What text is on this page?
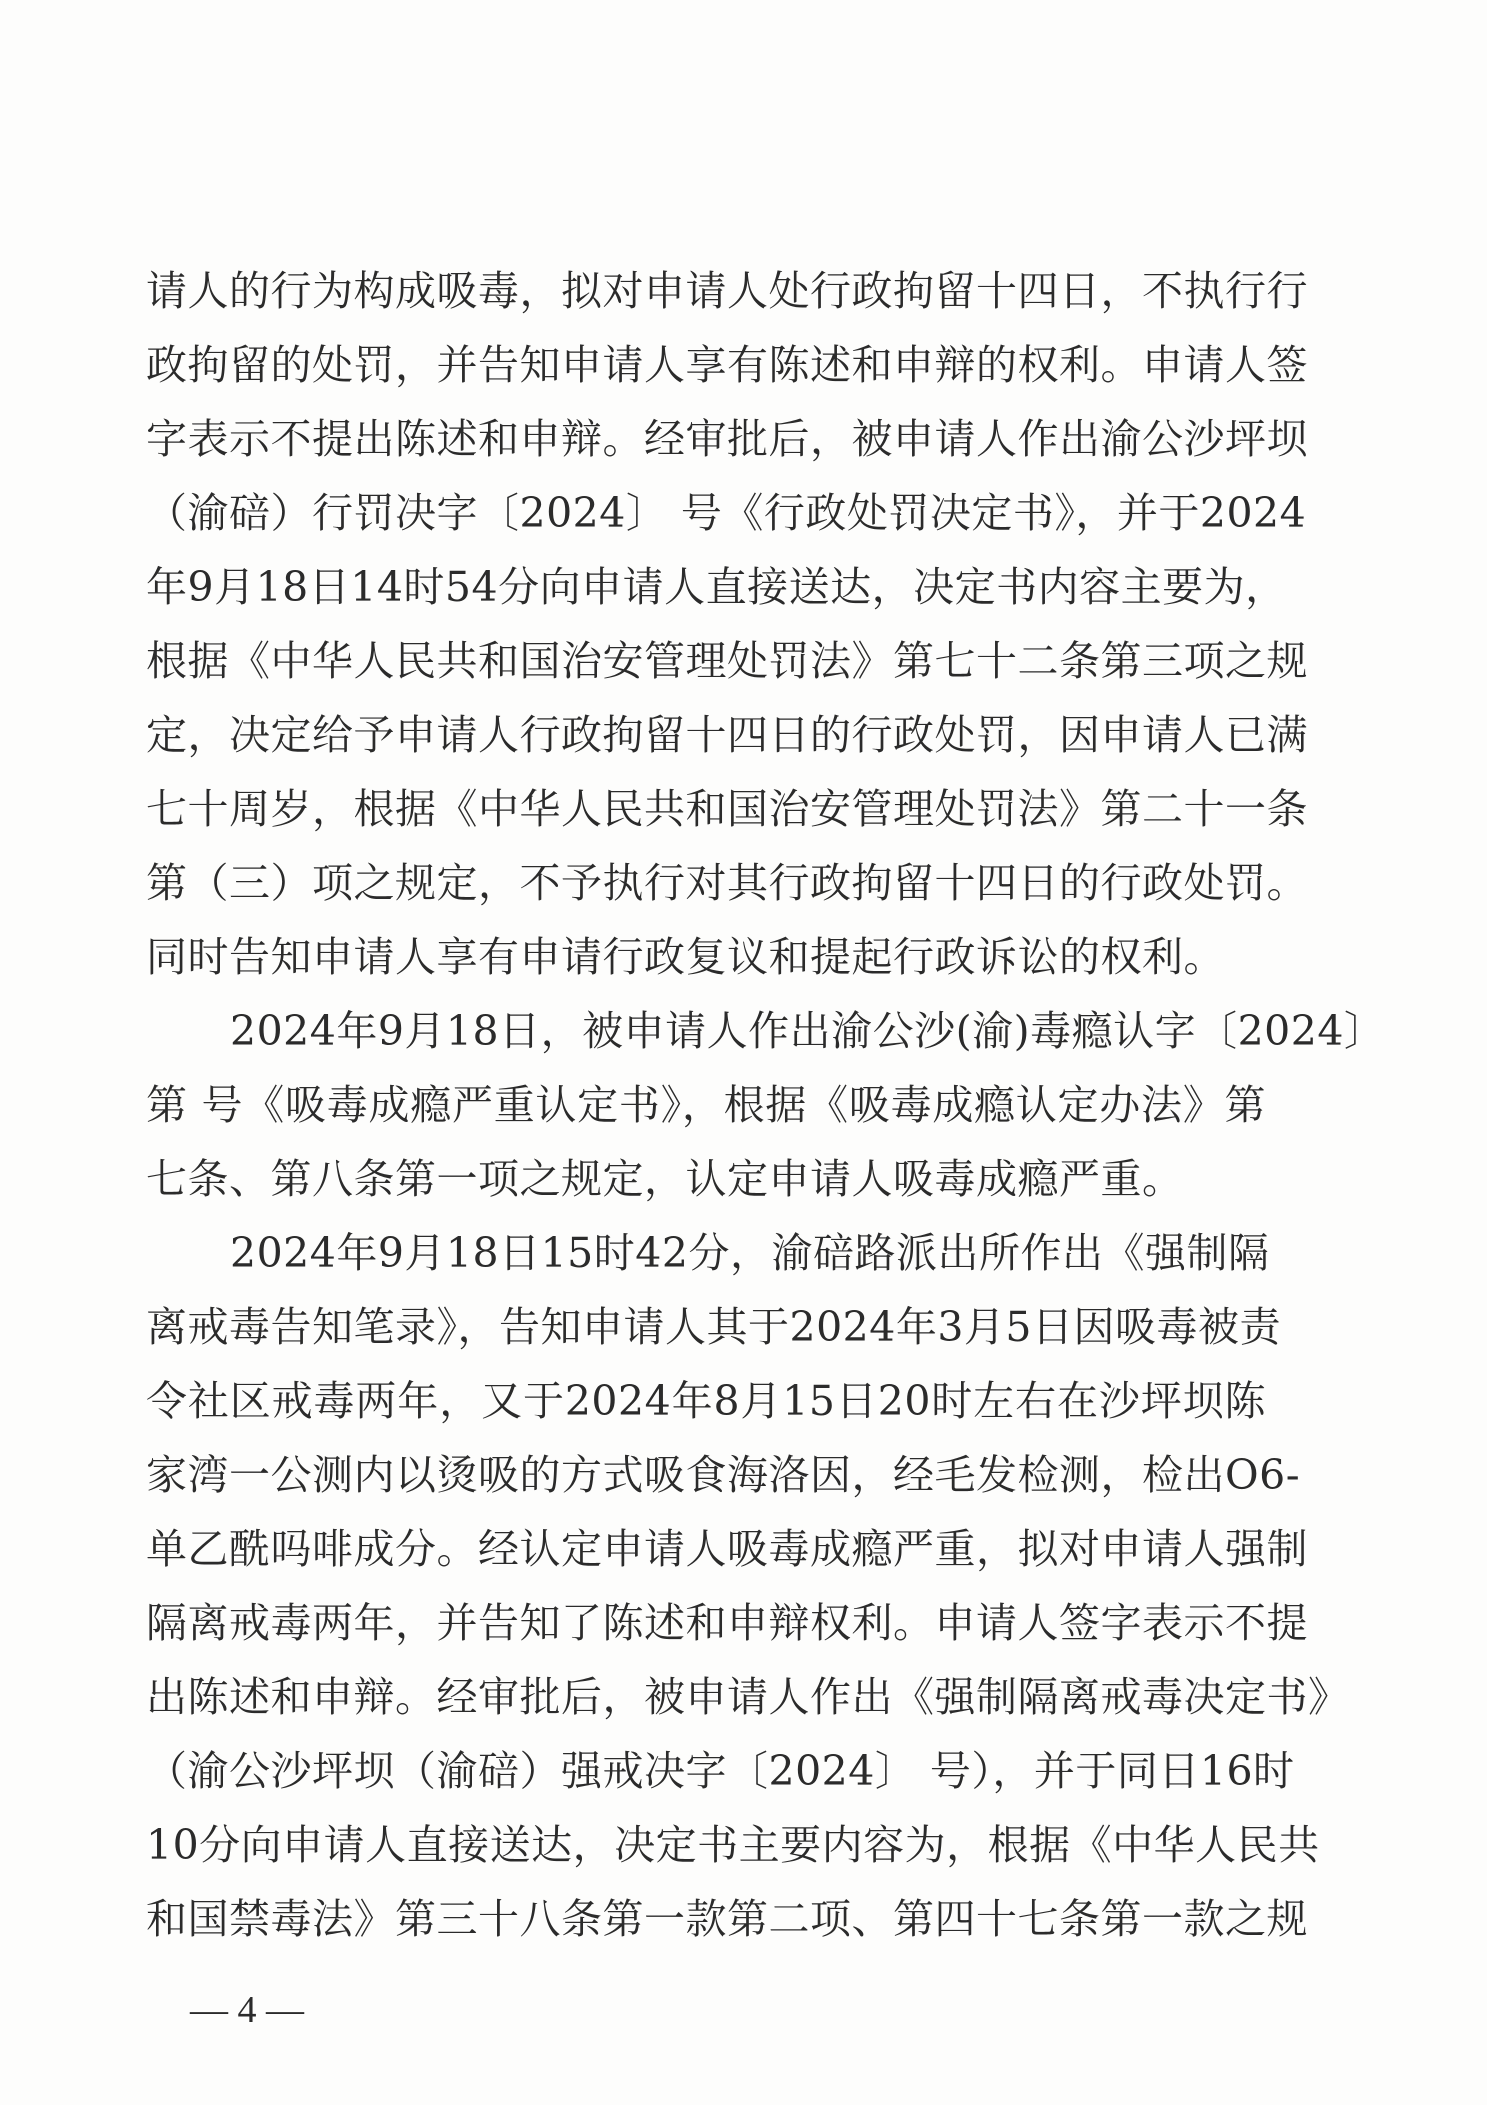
请人的行为构成吸毒，拟对申请人处行政拘留十四日，不执行行
政拘留的处罚，并告知申请人享有陈述和申辩的权利。申请人签
字表示不提出陈述和申辩。经审批后，被申请人作出渝公沙坪坝
（渝碚）行罚决字〔2024〕 号《行政处罚决定书》，并于2024
年9月18日14时54分向申请人直接送达，决定书内容主要为，
根据《中华人民共和国治安管理处罚法》第七十二条第三项之规
定，决定给予申请人行政拘留十四日的行政处罚，因申请人已满
七十周岁，根据《中华人民共和国治安管理处罚法》第二十一条
第（三）项之规定，不予执行对其行政拘留十四日的行政处罚。
同时告知申请人享有申请行政复议和提起行政诉讼的权利。
2024年9月18日，被申请人作出渝公沙(渝)毒瘾认字〔2024〕
第 号《吸毒成瘾严重认定书》，根据《吸毒成瘾认定办法》第
七条、第八条第一项之规定，认定申请人吸毒成瘾严重。
2024年9月18日15时42分，渝碚路派出所作出《强制隔
离戒毒告知笔录》，告知申请人其于2024年3月5日因吸毒被责
令社区戒毒两年，又于2024年8月15日20时左右在沙坪坝陈
家湾一公测内以烫吸的方式吸食海洛因，经毛发检测，检出O6-
单乙酰吗啡成分。经认定申请人吸毒成瘾严重，拟对申请人强制
隔离戒毒两年，并告知了陈述和申辩权利。申请人签字表示不提
出陈述和申辩。经审批后，被申请人作出《强制隔离戒毒决定书》
（渝公沙坪坝（渝碚）强戒决字〔2024〕 号），并于同日16时
10分向申请人直接送达，决定书主要内容为，根据《中华人民共
和国禁毒法》第三十八条第一款第二项、第四十七条第一款之规
— 4 —
